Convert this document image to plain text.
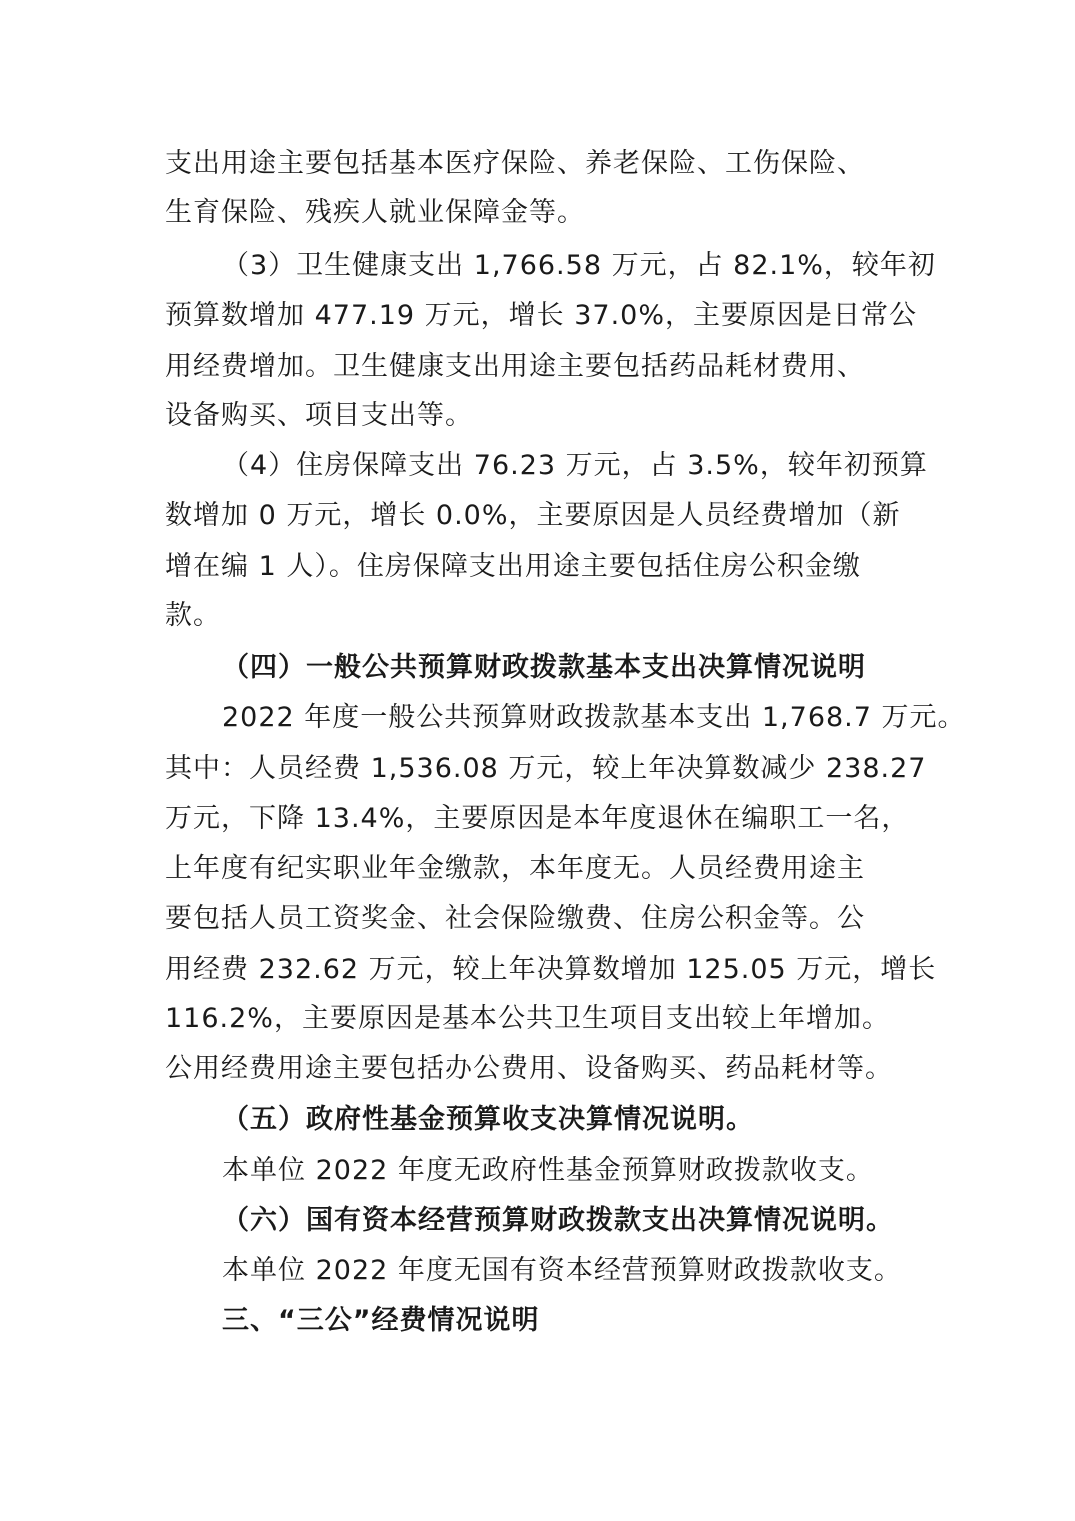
支出用途主要包括基本医疗保险、养老保险、工伤保险、
生育保险、残疾人就业保障金等。
（3）卫生健康支出 1,766.58 万元，占 82.1%，较年初
预算数增加 477.19 万元，增长 37.0%，主要原因是日常公
用经费增加。卫生健康支出用途主要包括药品耗材费用、
设备购买、项目支出等。
（4）住房保障支出 76.23 万元，占 3.5%，较年初预算
数增加 0 万元，增长 0.0%，主要原因是人员经费增加（新
增在编 1 人）。住房保障支出用途主要包括住房公积金缴
款。
（四）一般公共预算财政拨款基本支出决算情况说明
2022 年度一般公共预算财政拨款基本支出 1,768.7 万元。
其中：人员经费 1,536.08 万元，较上年决算数减少 238.27
万元，下降 13.4%，主要原因是本年度退休在编职工一名，
上年度有纪实职业年金缴款，本年度无。人员经费用途主
要包括人员工资奖金、社会保险缴费、住房公积金等。公
用经费 232.62 万元，较上年决算数增加 125.05 万元，增长
116.2%，主要原因是基本公共卫生项目支出较上年增加。
公用经费用途主要包括办公费用、设备购买、药品耗材等。
（五）政府性基金预算收支决算情况说明。
本单位 2022 年度无政府性基金预算财政拨款收支。
（六）国有资本经营预算财政拨款支出决算情况说明。
本单位 2022 年度无国有资本经营预算财政拨款收支。
三、“三公”经费情况说明
